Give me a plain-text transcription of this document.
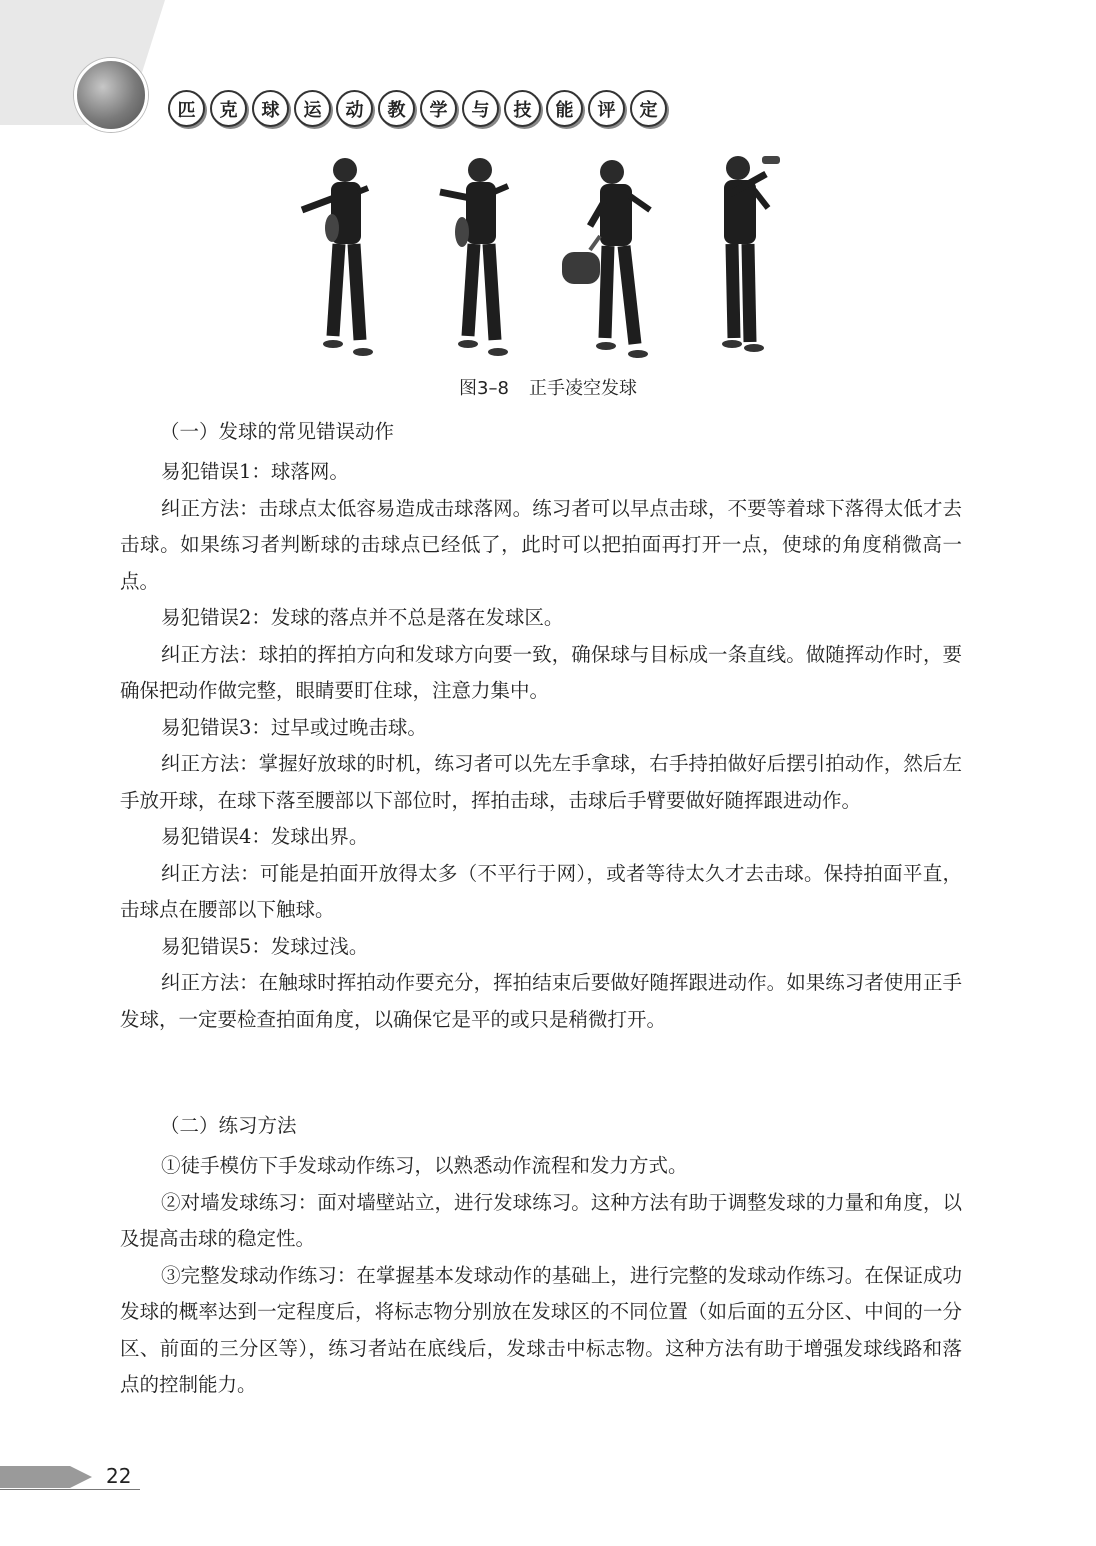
匹	克	球	运	动	教	学	与	技	能	评	定
图3–8 正手凌空发球
（一）发球的常见错误动作

易犯错误1：球落网。

纠正方法：击球点太低容易造成击球落网。练习者可以早点击球，不要等着球下落得太低才去击球。如果练习者判断球的击球点已经低了，此时可以把拍面再打开一点，使球的角度稍微高一点。

易犯错误2：发球的落点并不总是落在发球区。

纠正方法：球拍的挥拍方向和发球方向要一致，确保球与目标成一条直线。做随挥动作时，要确保把动作做完整，眼睛要盯住球，注意力集中。

易犯错误3：过早或过晚击球。

纠正方法：掌握好放球的时机，练习者可以先左手拿球，右手持拍做好后摆引拍动作，然后左手放开球，在球下落至腰部以下部位时，挥拍击球，击球后手臂要做好随挥跟进动作。

易犯错误4：发球出界。

纠正方法：可能是拍面开放得太多（不平行于网），或者等待太久才去击球。保持拍面平直，击球点在腰部以下触球。

易犯错误5：发球过浅。

纠正方法：在触球时挥拍动作要充分，挥拍结束后要做好随挥跟进动作。如果练习者使用正手发球，一定要检查拍面角度，以确保它是平的或只是稍微打开。

（二）练习方法

①徒手模仿下手发球动作练习，以熟悉动作流程和发力方式。

②对墙发球练习：面对墙壁站立，进行发球练习。这种方法有助于调整发球的力量和角度，以及提高击球的稳定性。

③完整发球动作练习：在掌握基本发球动作的基础上，进行完整的发球动作练习。在保证成功发球的概率达到一定程度后，将标志物分别放在发球区的不同位置（如后面的五分区、中间的一分区、前面的三分区等），练习者站在底线后，发球击中标志物。这种方法有助于增强发球线路和落点的控制能力。

22
